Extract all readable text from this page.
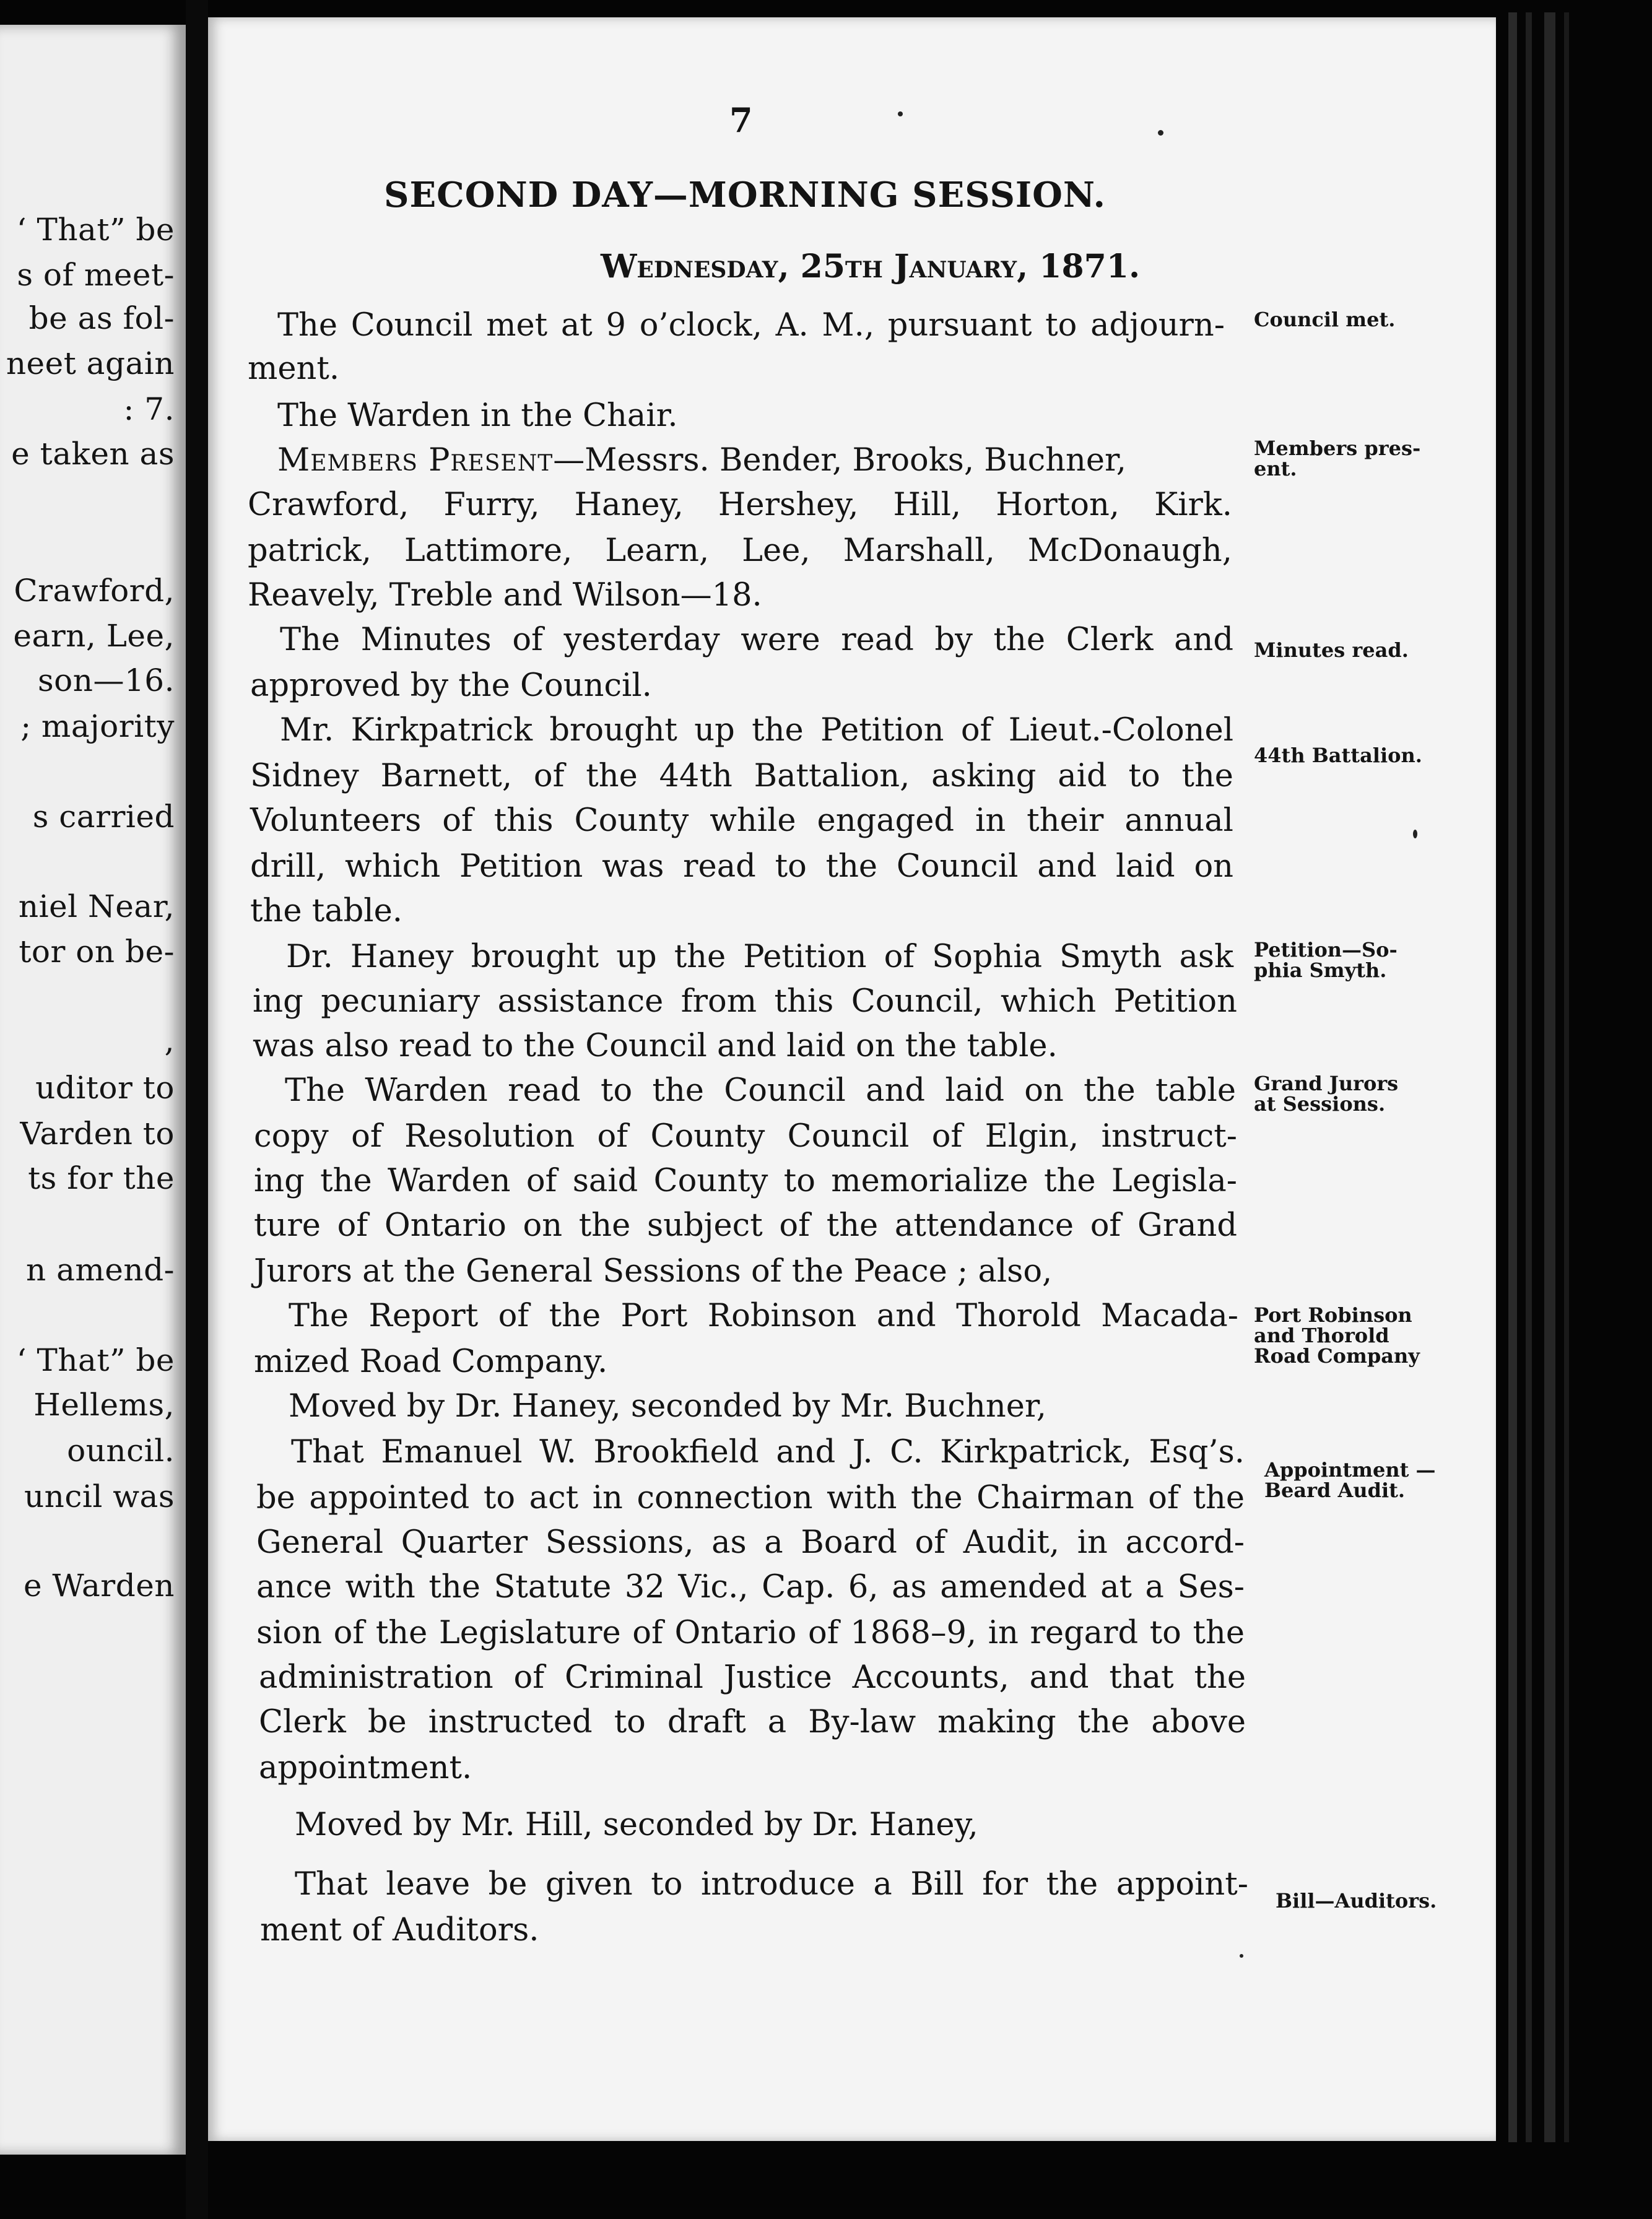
‘ That” be
s of meet-
be as fol-
neet again
: 7.
e taken as
Crawford,
earn, Lee,
son—16.
; majority
s carried
niel Near,
tor on be-
,
uditor to
Varden to
ts for the
n amend-
‘ That” be
Hellems,
ouncil.
uncil was
e Warden
7
SECOND DAY—MORNING SESSION.
Wednesday, 25th January, 1871.
The Council met at 9 o’clock, A. M., pursuant to adjourn-
ment.
The Warden in the Chair.
Members Present—Messrs. Bender, Brooks, Buchner,
Crawford, Furry, Haney, Hershey, Hill, Horton, Kirk.
patrick, Lattimore, Learn, Lee, Marshall, McDonaugh,
Reavely, Treble and Wilson—18.
The Minutes of yesterday were read by the Clerk and
approved by the Council.
Mr. Kirkpatrick brought up the Petition of Lieut.-Colonel
Sidney Barnett, of the 44th Battalion, asking aid to the
Volunteers of this County while engaged in their annual
drill, which Petition was read to the Council and laid on
the table.
Dr. Haney brought up the Petition of Sophia Smyth ask
ing pecuniary assistance from this Council, which Petition
was also read to the Council and laid on the table.
The Warden read to the Council and laid on the table
copy of Resolution of County Council of Elgin, instruct-
ing the Warden of said County to memorialize the Legisla-
ture of Ontario on the subject of the attendance of Grand
Jurors at the General Sessions of the Peace ; also,
The Report of the Port Robinson and Thorold Macada-
mized Road Company.
Moved by Dr. Haney, seconded by Mr. Buchner,
That Emanuel W. Brookfield and J. C. Kirkpatrick, Esq’s.
be appointed to act in connection with the Chairman of the
General Quarter Sessions, as a Board of Audit, in accord-
ance with the Statute 32 Vic., Cap. 6, as amended at a Ses-
sion of the Legislature of Ontario of 1868–9, in regard to the
administration of Criminal Justice Accounts, and that the
Clerk be instructed to draft a By-law making the above
appointment.
Moved by Mr. Hill, seconded by Dr. Haney,
That leave be given to introduce a Bill for the appoint-
ment of Auditors.
Council met.
Members pres-
ent.
Minutes read.
44th Battalion.
Petition—So-
phia Smyth.
Grand Jurors
at Sessions.
Port Robinson
and Thorold
Road Company
Appointment —
Beard Audit.
Bill—Auditors.
